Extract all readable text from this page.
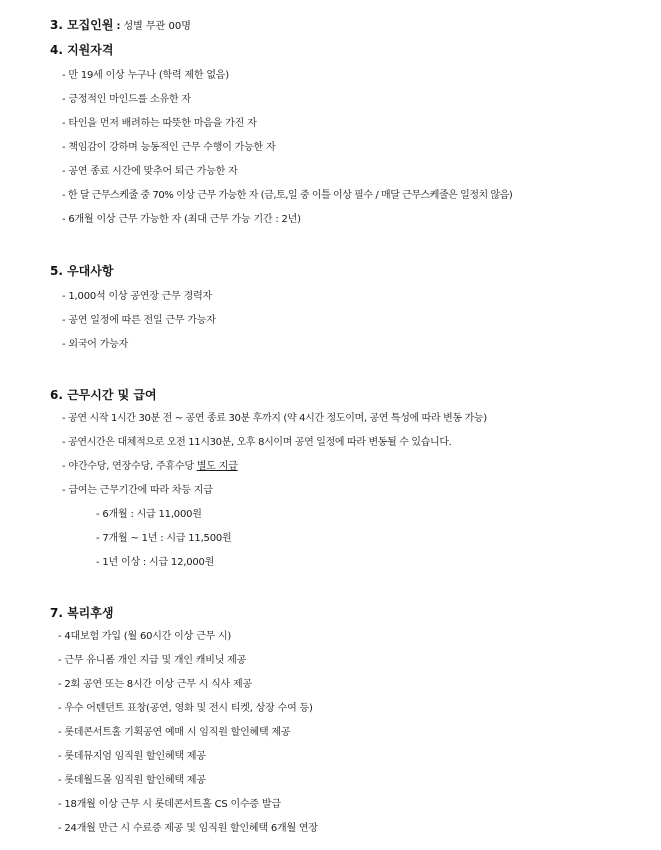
3. 모집인원 : 성별 무관 00명
4. 지원자격
- 만 19세 이상 누구나 (학력 제한 없음)
- 긍정적인 마인드를 소유한 자
- 타인을 먼저 배려하는 따뜻한 마음을 가진 자
- 책임감이 강하며 능동적인 근무 수행이 가능한 자
- 공연 종료 시간에 맞추어 퇴근 가능한 자
- 한 달 근무스케줄 중 70% 이상 근무 가능한 자 (금,토,일 중 이틀 이상 필수 / 매달 근무스케줄은 일정치 않음)
- 6개월 이상 근무 가능한 자 (최대 근무 가능 기간 : 2년)
5. 우대사항
- 1,000석 이상 공연장 근무 경력자
- 공연 일정에 따른 전일 근무 가능자
- 외국어 가능자
6. 근무시간 및 급여
- 공연 시작 1시간 30분 전 ~ 공연 종료 30분 후까지 (약 4시간 정도이며, 공연 특성에 따라 변동 가능)
- 공연시간은 대체적으로 오전 11시30분, 오후 8시이며 공연 일정에 따라 변동될 수 있습니다.
- 야간수당, 연장수당, 주휴수당 별도 지급
- 급여는 근무기간에 따라 차등 지급
- 6개월 : 시급 11,000원
- 7개월 ~ 1년 : 시급 11,500원
- 1년 이상 : 시급 12,000원
7. 복리후생
- 4대보험 가입 (월 60시간 이상 근무 시)
- 근무 유니폼 개인 지급 및 개인 캐비닛 제공
- 2회 공연 또는 8시간 이상 근무 시 식사 제공
- 우수 어텐던트 표창(공연, 영화 및 전시 티켓, 상장 수여 등)
- 롯데콘서트홀 기획공연 예매 시 임직원 할인혜택 제공
- 롯데뮤지엄 임직원 할인혜택 제공
- 롯데월드몰 임직원 할인혜택 제공
- 18개월 이상 근무 시 롯데콘서트홀 CS 이수증 발급
- 24개월 만근 시 수료증 제공 및 임직원 할인혜택 6개월 연장
